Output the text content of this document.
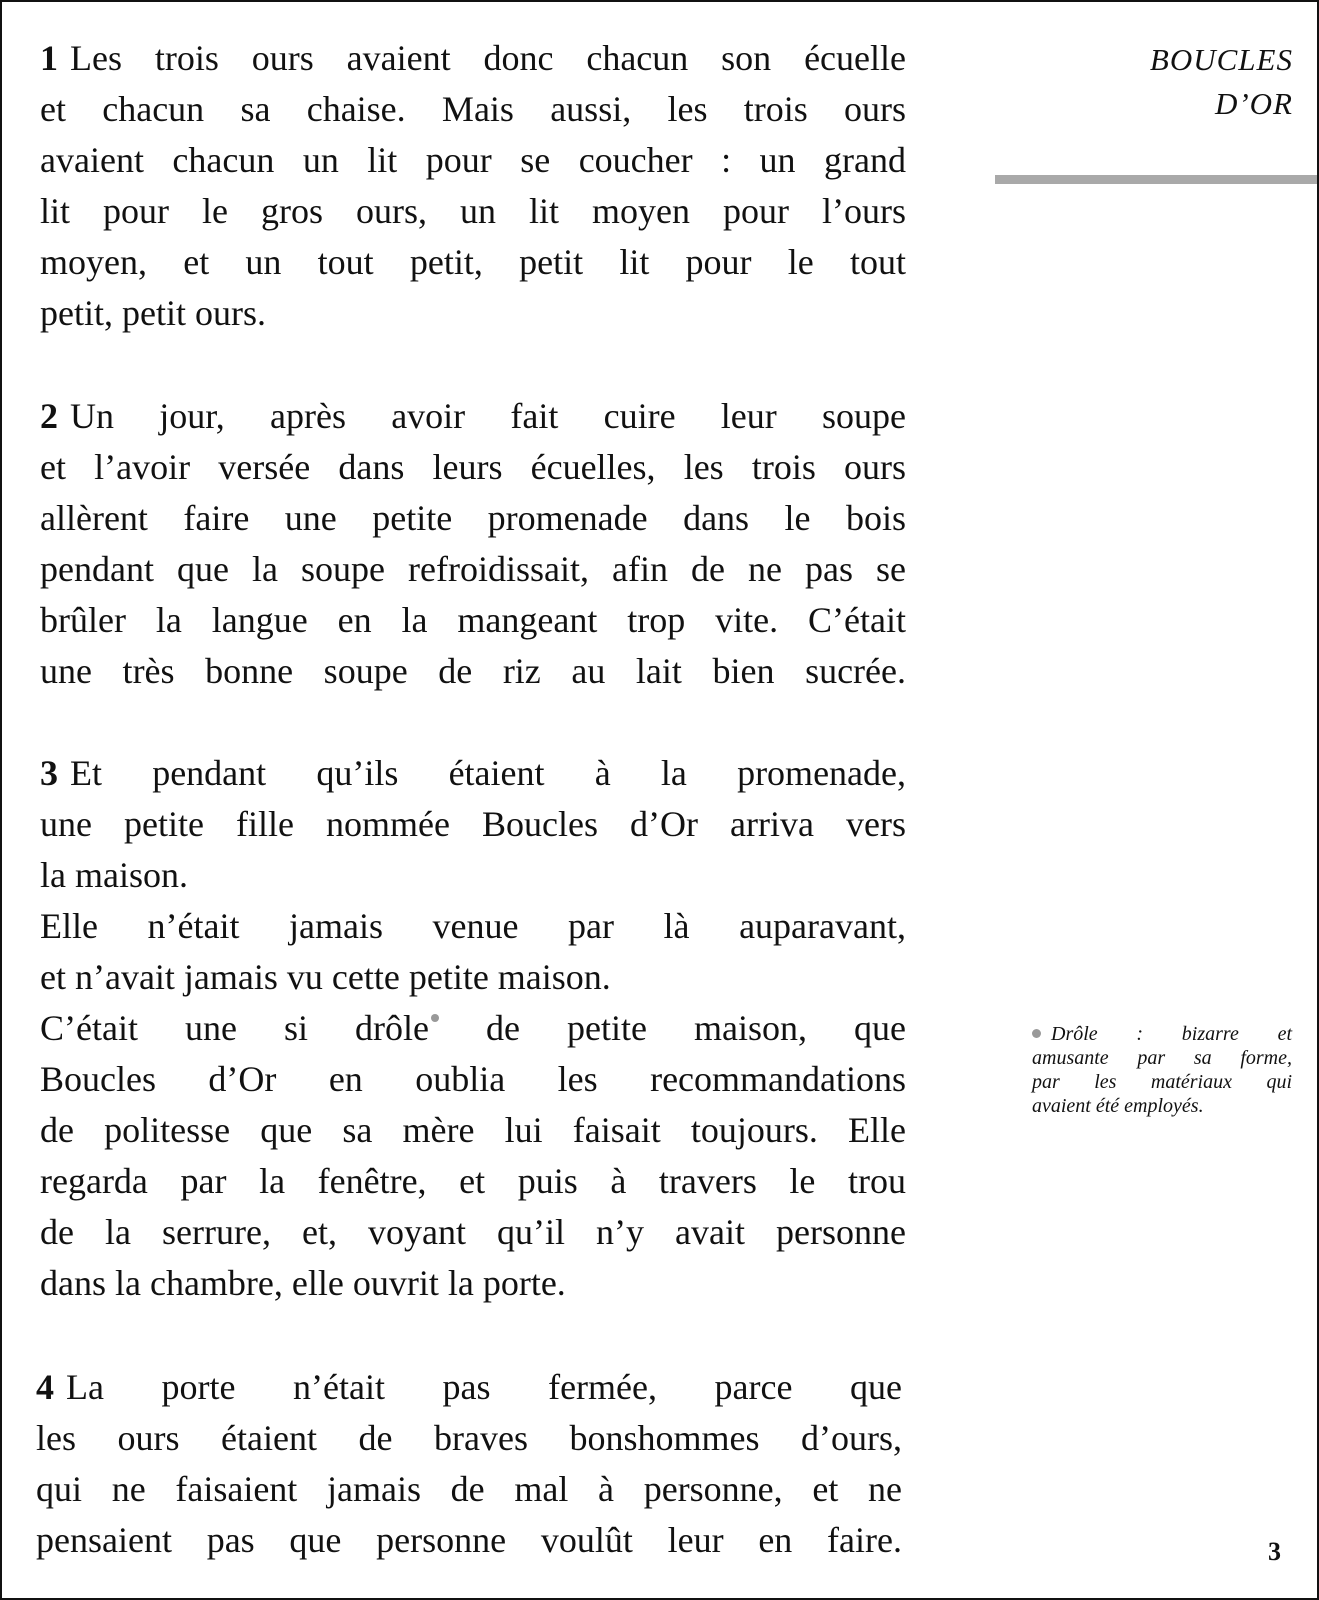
BOUCLES
D’OR
1 Les trois ours avaient donc chacun son écuelle
et chacun sa chaise. Mais aussi, les trois ours
avaient chacun un lit pour se coucher : un grand
lit pour le gros ours, un lit moyen pour l’ours
moyen, et un tout petit, petit lit pour le tout
petit, petit ours.
2 Un jour, après avoir fait cuire leur soupe
et l’avoir versée dans leurs écuelles, les trois ours
allèrent faire une petite promenade dans le bois
pendant que la soupe refroidissait, afin de ne pas se
brûler la langue en la mangeant trop vite. C’était
une très bonne soupe de riz au lait bien sucrée.
3 Et pendant qu’ils étaient à la promenade,
une petite fille nommée Boucles d’Or arriva vers
la maison.
Elle n’était jamais venue par là auparavant,
et n’avait jamais vu cette petite maison.
C’était une si drôle de petite maison, que
Boucles d’Or en oublia les recommandations
de politesse que sa mère lui faisait toujours. Elle
regarda par la fenêtre, et puis à travers le trou
de la serrure, et, voyant qu’il n’y avait personne
dans la chambre, elle ouvrit la porte.
4 La porte n’était pas fermée, parce que
les ours étaient de braves bonshommes d’ours,
qui ne faisaient jamais de mal à personne, et ne
pensaient pas que personne voulût leur en faire.
Drôle : bizarre et
amusante par sa forme,
par les matériaux qui
avaient été employés.
3
